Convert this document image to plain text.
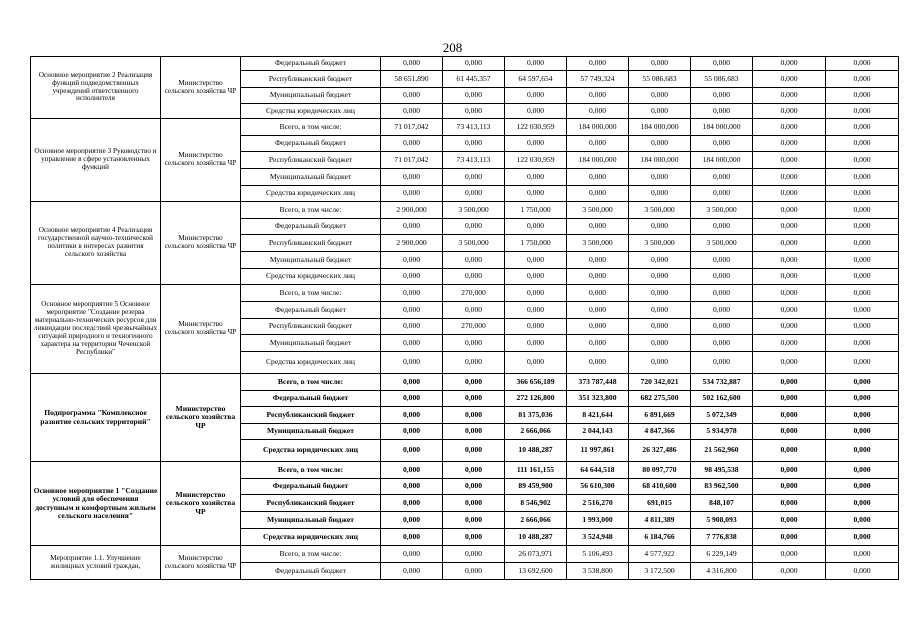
208
Основное мероприятие 2 Реализация функций подведомственных учреждений ответственного исполнителя	Министерство сельского хозяйства ЧР	Федеральный бюджет	0,000	0,000	0,000	0,000	0,000	0,000	0,000	0,000
		Республиканский бюджет	58 651,890	61 445,357	64 597,654	57 749,324	55 086,683	55 086,683	0,000	0,000
		Муниципальный бюджет	0,000	0,000	0,000	0,000	0,000	0,000	0,000	0,000
		Средства юридических лиц	0,000	0,000	0,000	0,000	0,000	0,000	0,000	0,000
Основное мероприятие 3 Руководство и управление в сфере установленных функций	Министерство сельского хозяйства ЧР	Всего, в том числе:	71 017,042	73 413,113	122 030,959	184 000,000	184 000,000	184 000,000	0,000	0,000
		Федеральный бюджет	0,000	0,000	0,000	0,000	0,000	0,000	0,000	0,000
		Республиканский бюджет	71 017,042	73 413,113	122 030,959	184 000,000	184 000,000	184 000,000	0,000	0,000
		Муниципальный бюджет	0,000	0,000	0,000	0,000	0,000	0,000	0,000	0,000
		Средства юридических лиц	0,000	0,000	0,000	0,000	0,000	0,000	0,000	0,000
Основное мероприятие 4 Реализация государственной научно-технической политики в интересах развития сельского хозяйства	Министерство сельского хозяйства ЧР	Всего, в том числе:	2 900,000	3 500,000	1 750,000	3 500,000	3 500,000	3 500,000	0,000	0,000
		Федеральный бюджет	0,000	0,000	0,000	0,000	0,000	0,000	0,000	0,000
		Республиканский бюджет	2 900,000	3 500,000	1 750,000	3 500,000	3 500,000	3 500,000	0,000	0,000
		Муниципальный бюджет	0,000	0,000	0,000	0,000	0,000	0,000	0,000	0,000
		Средства юридических лиц	0,000	0,000	0,000	0,000	0,000	0,000	0,000	0,000
Основное мероприятие 5 Основное мероприятие "Создание резерва материально-технических ресурсов для ликвидации последствий чрезвычайных ситуаций природного и техногенного характера на территории Чеченской Республики"	Министерство сельского хозяйства ЧР	Всего, в том числе:	0,000	270,000	0,000	0,000	0,000	0,000	0,000	0,000
		Федеральный бюджет	0,000	0,000	0,000	0,000	0,000	0,000	0,000	0,000
		Республиканский бюджет	0,000	270,000	0,000	0,000	0,000	0,000	0,000	0,000
		Муниципальный бюджет	0,000	0,000	0,000	0,000	0,000	0,000	0,000	0,000
		Средства юридических лиц	0,000	0,000	0,000	0,000	0,000	0,000	0,000	0,000
Подпрограмма "Комплексное развитие сельских территорий"	Министерство сельского хозяйства ЧР	Всего, в том числе:	0,000	0,000	366 656,189	373 787,448	720 342,021	534 732,887	0,000	0,000
		Федеральный бюджет	0,000	0,000	272 126,800	351 323,800	682 275,500	502 162,600	0,000	0,000
		Республиканский бюджет	0,000	0,000	81 375,036	8 421,644	6 891,669	5 072,349	0,000	0,000
		Муниципальный бюджет	0,000	0,000	2 666,066	2 044,143	4 847,366	5 934,978	0,000	0,000
		Средства юридических лиц	0,000	0,000	10 488,287	11 997,861	26 327,486	21 562,960	0,000	0,000
Основное мероприятие 1 "Создание условий для обеспечения доступным и комфортным жильем сельского населения"	Министерство сельского хозяйства ЧР	Всего, в том числе:	0,000	0,000	111 161,155	64 644,518	80 097,770	98 495,538	0,000	0,000
		Федеральный бюджет	0,000	0,000	89 459,900	56 610,300	68 410,600	83 962,500	0,000	0,000
		Республиканский бюджет	0,000	0,000	8 546,902	2 516,270	691,015	848,107	0,000	0,000
		Муниципальный бюджет	0,000	0,000	2 666,066	1 993,000	4 811,389	5 908,093	0,000	0,000
		Средства юридических лиц	0,000	0,000	10 488,287	3 524,948	6 184,766	7 776,838	0,000	0,000
Мероприятие 1.1. Улучшение жилищных условий граждан,	Министерство сельского хозяйства ЧР	Всего, в том числе:	0,000	0,000	26 073,971	5 106,493	4 577,922	6 229,149	0,000	0,000
		Федеральный бюджет	0,000	0,000	13 692,600	3 538,800	3 172,500	4 316,800	0,000	0,000
